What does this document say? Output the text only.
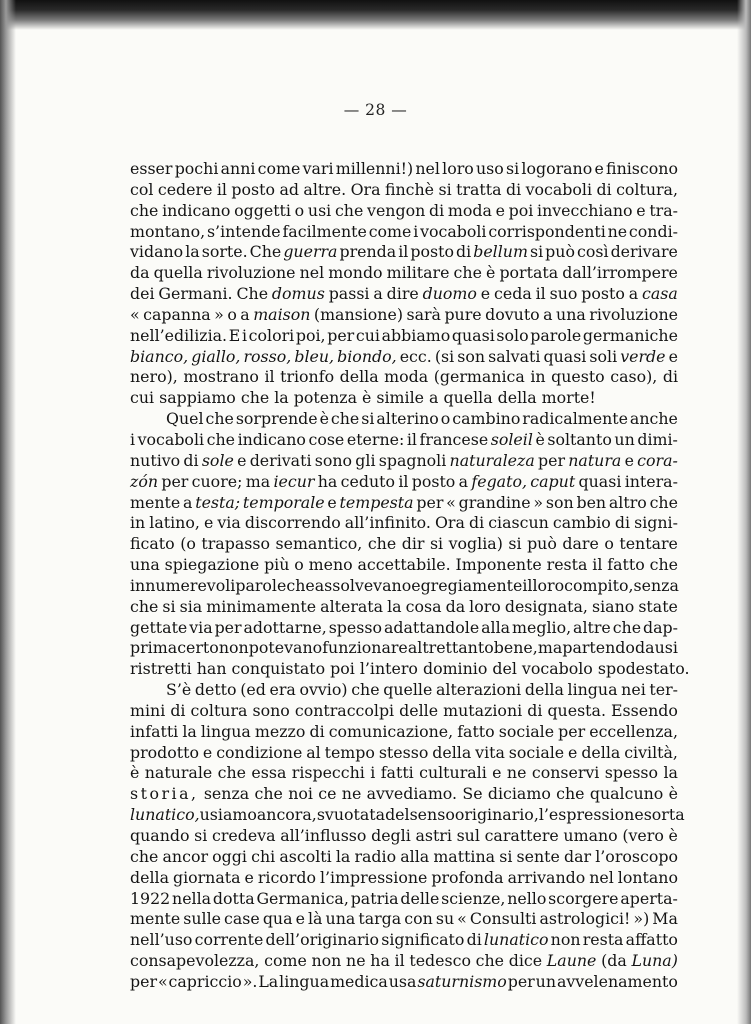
— 28 —
esser pochi anni come vari millenni!) nel loro uso si logorano e finiscono
col cedere il posto ad altre. Ora finchè si tratta di vocaboli di coltura,
che indicano oggetti o usi che vengon di moda e poi invecchiano e tra-
montano, s’intende facilmente come i vocaboli corrispondenti ne condi-
vidano la sorte. Che guerra prenda il posto di bellum si può così derivare
da quella rivoluzione nel mondo militare che è portata dall’irrompere
dei Germani. Che domus passi a dire duomo e ceda il suo posto a casa
« capanna » o a maison (mansione) sarà pure dovuto a una rivoluzione
nell’edilizia. E i colori poi, per cui abbiamo quasi solo parole germaniche
bianco, giallo, rosso, bleu, biondo, ecc. (si son salvati quasi soli verde e
nero), mostrano il trionfo della moda (germanica in questo caso), di
cui sappiamo che la potenza è simile a quella della morte!
Quel che sorprende è che si alterino o cambino radicalmente anche
i vocaboli che indicano cose eterne: il francese soleil è soltanto un dimi-
nutivo di sole e derivati sono gli spagnoli naturaleza per natura e cora-
zón per cuore; ma iecur ha ceduto il posto a fegato, caput quasi intera-
mente a testa; temporale e tempesta per « grandine » son ben altro che
in latino, e via discorrendo all’infinito. Ora di ciascun cambio di signi-
ficato (o trapasso semantico, che dir si voglia) si può dare o tentare
una spiegazione più o meno accettabile. Imponente resta il fatto che
innumerevoli parole che assolvevano egregiamente il loro compito, senza
che si sia minimamente alterata la cosa da loro designata, siano state
gettate via per adottarne, spesso adattandole alla meglio, altre che dap-
prima certo non potevano funzionare altrettanto bene, ma partendo da usi
ristretti han conquistato poi l’intero dominio del vocabolo spodestato.
S’è detto (ed era ovvio) che quelle alterazioni della lingua nei ter-
mini di coltura sono contraccolpi delle mutazioni di questa. Essendo
infatti la lingua mezzo di comunicazione, fatto sociale per eccellenza,
prodotto e condizione al tempo stesso della vita sociale e della civiltà,
è naturale che essa rispecchi i fatti culturali e ne conservi spesso la
storia, senza che noi ce ne avvediamo. Se diciamo che qualcuno è
lunatico, usiamo ancora, svuotata del senso originario, l’espressione sorta
quando si credeva all’influsso degli astri sul carattere umano (vero è
che ancor oggi chi ascolti la radio alla mattina si sente dar l’oroscopo
della giornata e ricordo l’impressione profonda arrivando nel lontano
1922 nella dotta Germanica, patria delle scienze, nello scorgere aperta-
mente sulle case qua e là una targa con su « Consulti astrologici! ») Ma
nell’uso corrente dell’originario significato di lunatico non resta affatto
consapevolezza, come non ne ha il tedesco che dice Laune (da Luna)
per « capriccio ». La lingua medica usa saturnismo per un avvelenamento
